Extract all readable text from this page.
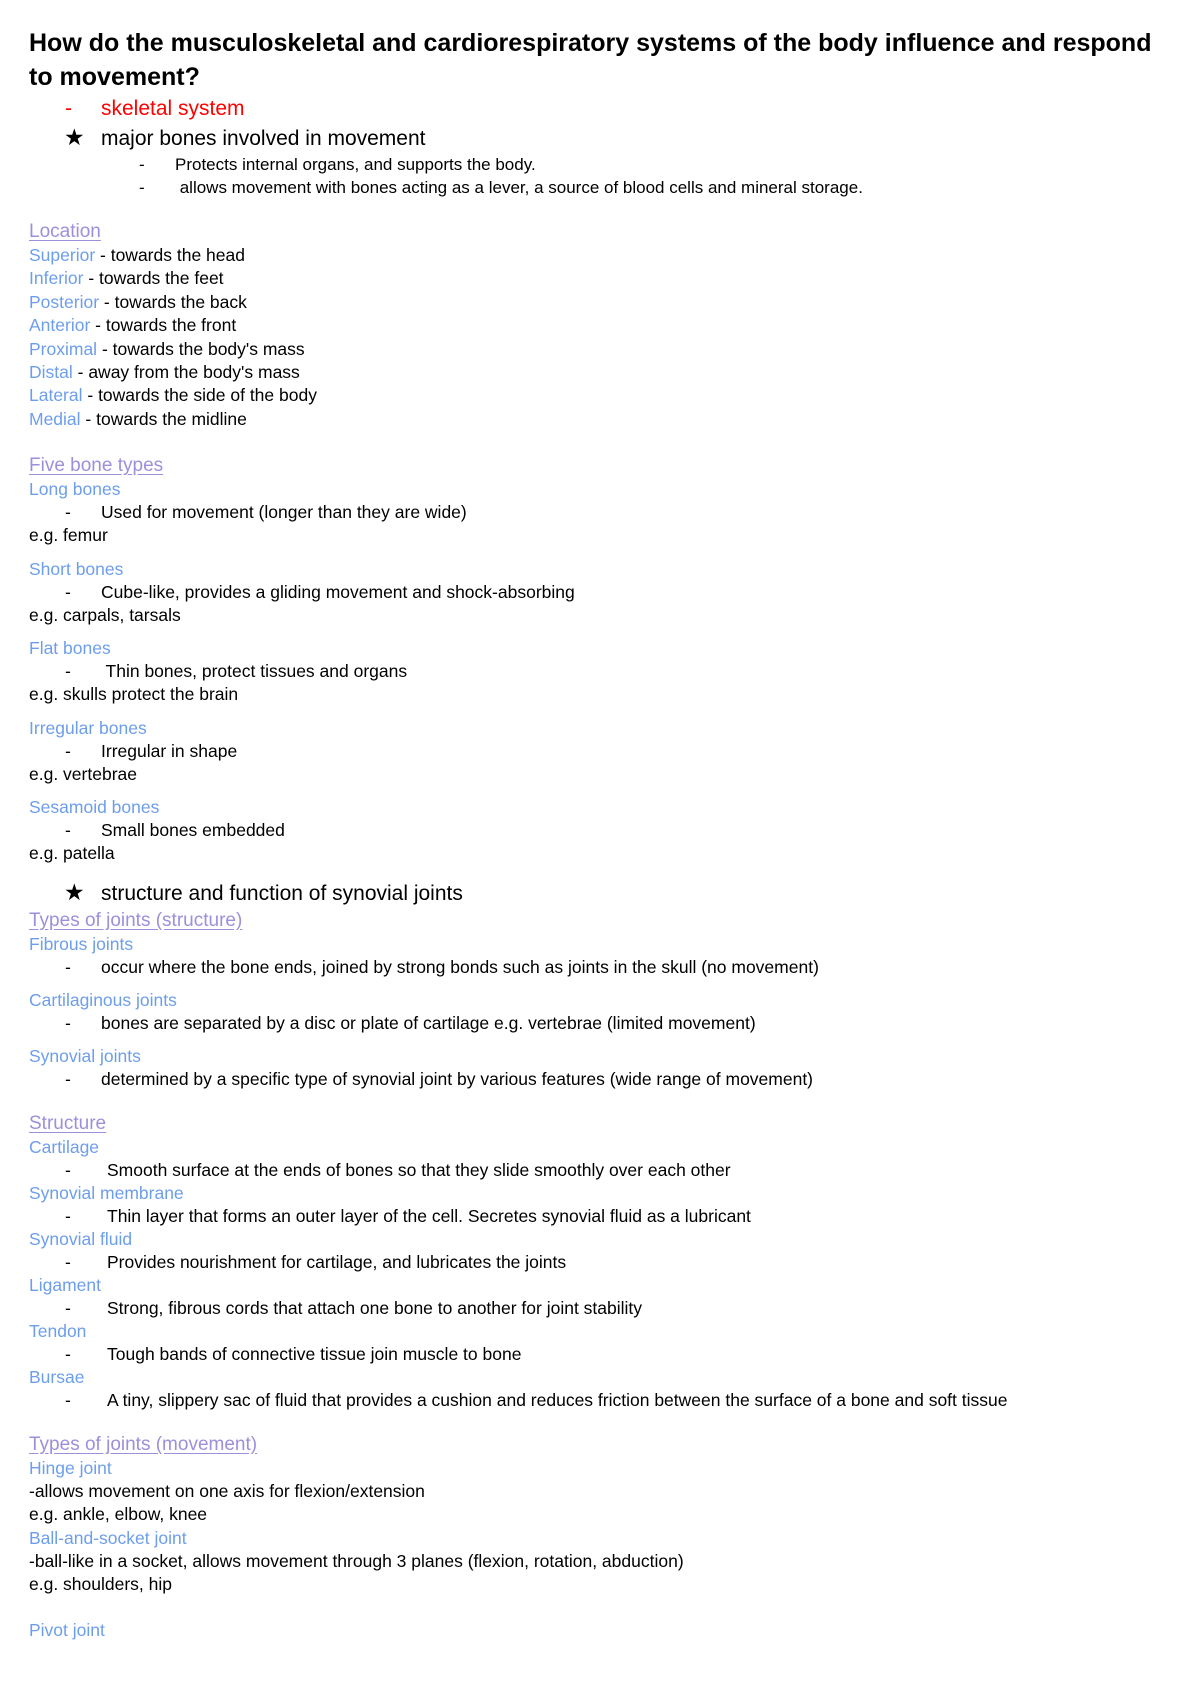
How do the musculoskeletal and cardiorespiratory systems of the body influence and respond to movement?
- skeletal system
★ major bones involved in movement
- Protects internal organs, and supports the body.
- allows movement with bones acting as a lever, a source of blood cells and mineral storage.
Location
Superior - towards the head
Inferior - towards the feet
Posterior - towards the back
Anterior - towards the front
Proximal - towards the body's mass
Distal - away from the body's mass
Lateral - towards the side of the body
Medial - towards the midline
Five bone types
Long bones
- Used for movement (longer than they are wide)
e.g. femur
Short bones
- Cube-like, provides a gliding movement and shock-absorbing
e.g. carpals, tarsals
Flat bones
- Thin bones, protect tissues and organs
e.g. skulls protect the brain
Irregular bones
- Irregular in shape
e.g. vertebrae
Sesamoid bones
- Small bones embedded
e.g. patella
★ structure and function of synovial joints
Types of joints (structure)
Fibrous joints
- occur where the bone ends, joined by strong bonds such as joints in the skull (no movement)
Cartilaginous joints
- bones are separated by a disc or plate of cartilage e.g. vertebrae (limited movement)
Synovial joints
- determined by a specific type of synovial joint by various features (wide range of movement)
Structure
Cartilage
- Smooth surface at the ends of bones so that they slide smoothly over each other
Synovial membrane
- Thin layer that forms an outer layer of the cell. Secretes synovial fluid as a lubricant
Synovial fluid
- Provides nourishment for cartilage, and lubricates the joints
Ligament
- Strong, fibrous cords that attach one bone to another for joint stability
Tendon
- Tough bands of connective tissue join muscle to bone
Bursae
- A tiny, slippery sac of fluid that provides a cushion and reduces friction between the surface of a bone and soft tissue
Types of joints (movement)
Hinge joint
-allows movement on one axis for flexion/extension
e.g. ankle, elbow, knee
Ball-and-socket joint
-ball-like in a socket, allows movement through 3 planes (flexion, rotation, abduction)
e.g. shoulders, hip
Pivot joint
